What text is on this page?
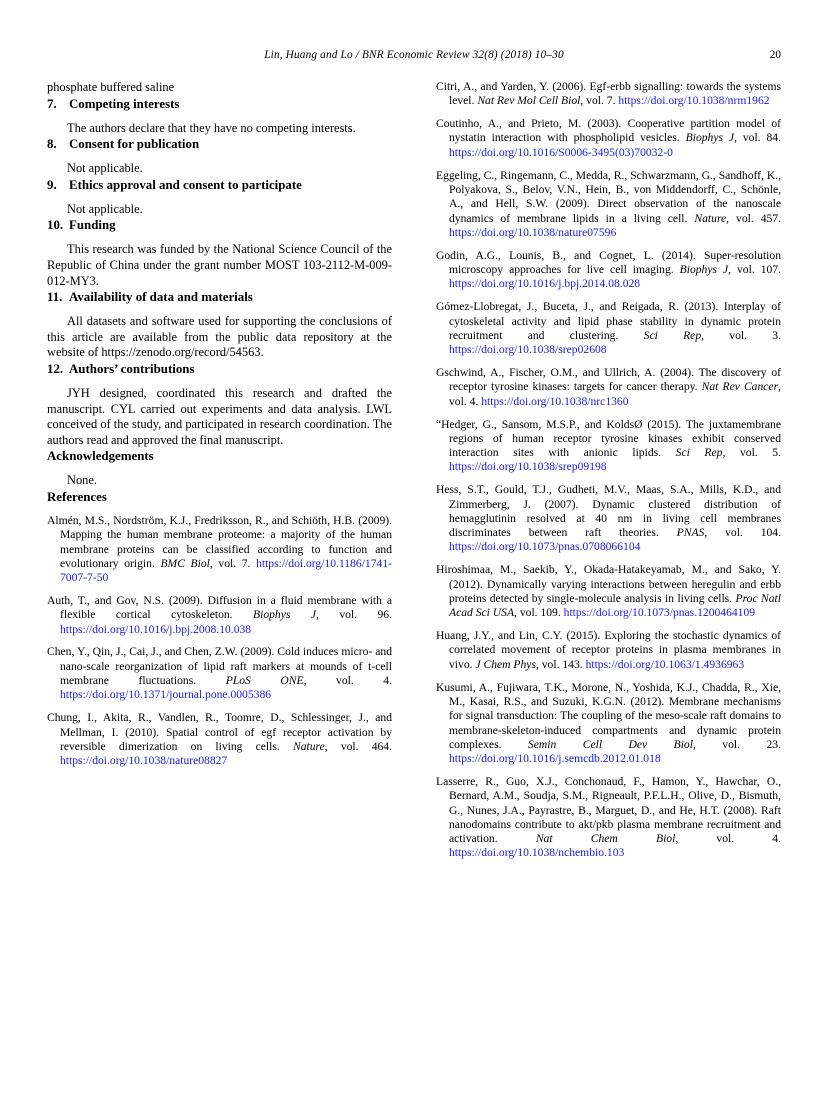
Lin, Huang and Lo / BNR Economic Review 32(8) (2018) 10–30	20

phosphate buffered saline

7. Competing interests

The authors declare that they have no competing interests.

8. Consent for publication

Not applicable.

9. Ethics approval and consent to participate

Not applicable.

10. Funding

This research was funded by the National Science Council of the Republic of China under the grant number MOST 103-2112-M-009-012-MY3.

11. Availability of data and materials

All datasets and software used for supporting the conclusions of this article are available from the public data repository at the website of https://zenodo.org/record/54563.

12. Authors’ contributions

JYH designed, coordinated this research and drafted the manuscript. CYL carried out experiments and data analysis. LWL conceived of the study, and participated in research coordination. The authors read and approved the final manuscript.

Acknowledgements

None.

References

Almén, M.S., Nordström, K.J., Fredriksson, R., and Schiöth, H.B. (2009). Mapping the human membrane proteome: a majority of the human membrane proteins can be classified according to function and evolutionary origin. BMC Biol, vol. 7. https://doi.org/10.1186/1741-7007-7-50

Auth, T., and Gov, N.S. (2009). Diffusion in a fluid membrane with a flexible cortical cytoskeleton. Biophys J, vol. 96. https://doi.org/10.1016/j.bpj.2008.10.038

Chen, Y., Qin, J., Cai, J., and Chen, Z.W. (2009). Cold induces micro- and nano-scale reorganization of lipid raft markers at mounds of t-cell membrane fluctuations. PLoS ONE, vol. 4. https://doi.org/10.1371/journal.pone.0005386

Chung, I., Akita, R., Vandlen, R., Toomre, D., Schlessinger, J., and Mellman, I. (2010). Spatial control of egf receptor activation by reversible dimerization on living cells. Nature, vol. 464. https://doi.org/10.1038/nature08827

Citri, A., and Yarden, Y. (2006). Egf-erbb signalling: towards the systems level. Nat Rev Mol Cell Biol, vol. 7. https://doi.org/10.1038/nrm1962

Coutinho, A., and Prieto, M. (2003). Cooperative partition model of nystatin interaction with phospholipid vesicles. Biophys J, vol. 84. https://doi.org/10.1016/S0006-3495(03)70032-0

Eggeling, C., Ringemann, C., Medda, R., Schwarzmann, G., Sandhoff, K., Polyakova, S., Belov, V.N., Hein, B., von Middendorff, C., Schönle, A., and Hell, S.W. (2009). Direct observation of the nanoscale dynamics of membrane lipids in a living cell. Nature, vol. 457. https://doi.org/10.1038/nature07596

Godin, A.G., Lounis, B., and Cognet, L. (2014). Super-resolution microscopy approaches for live cell imaging. Biophys J, vol. 107. https://doi.org/10.1016/j.bpj.2014.08.028

Gómez-Llobregat, J., Buceta, J., and Reigada, R. (2013). Interplay of cytoskeletal activity and lipid phase stability in dynamic protein recruitment and clustering. Sci Rep, vol. 3. https://doi.org/10.1038/srep02608

Gschwind, A., Fischer, O.M., and Ullrich, A. (2004). The discovery of receptor tyrosine kinases: targets for cancer therapy. Nat Rev Cancer, vol. 4. https://doi.org/10.1038/nrc1360

“Hedger, G., Sansom, M.S.P., and KoldsØ (2015). The juxtamembrane regions of human receptor tyrosine kinases exhibit conserved interaction sites with anionic lipids. Sci Rep, vol. 5. https://doi.org/10.1038/srep09198

Hess, S.T., Gould, T.J., Gudheti, M.V., Maas, S.A., Mills, K.D., and Zimmerberg, J. (2007). Dynamic clustered distribution of hemagglutinin resolved at 40 nm in living cell membranes discriminates between raft theories. PNAS, vol. 104. https://doi.org/10.1073/pnas.0708066104

Hiroshimaa, M., Saekib, Y., Okada-Hatakeyamab, M., and Sako, Y. (2012). Dynamically varying interactions between heregulin and erbb proteins detected by single-molecule analysis in living cells. Proc Natl Acad Sci USA, vol. 109. https://doi.org/10.1073/pnas.1200464109

Huang, J.Y., and Lin, C.Y. (2015). Exploring the stochastic dynamics of correlated movement of receptor proteins in plasma membranes in vivo. J Chem Phys, vol. 143. https://doi.org/10.1063/1.4936963

Kusumi, A., Fujiwara, T.K., Morone, N., Yoshida, K.J., Chadda, R., Xie, M., Kasai, R.S., and Suzuki, K.G.N. (2012). Membrane mechanisms for signal transduction: The coupling of the meso-scale raft domains to membrane-skeleton-induced compartments and dynamic protein complexes. Semin Cell Dev Biol, vol. 23. https://doi.org/10.1016/j.semcdb.2012.01.018

Lasserre, R., Guo, X.J., Conchonaud, F., Hamon, Y., Hawchar, O., Bernard, A.M., Soudja, S.M., Rigneault, P.F.L.H., Olive, D., Bismuth, G., Nunes, J.A., Payrastre, B., Marguet, D., and He, H.T. (2008). Raft nanodomains contribute to akt/pkb plasma membrane recruitment and activation. Nat Chem Biol, vol. 4. https://doi.org/10.1038/nchembio.103
